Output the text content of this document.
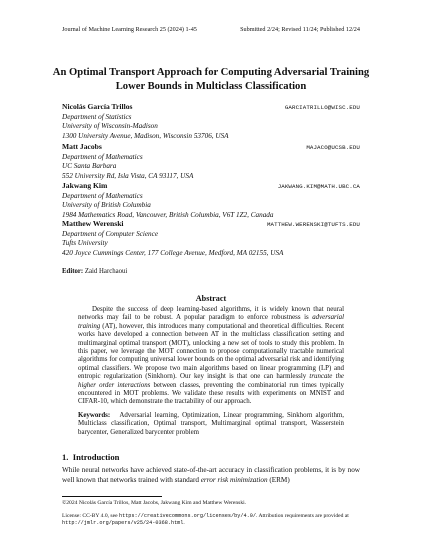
Journal of Machine Learning Research 25 (2024) 1-45	Submitted 2/24; Revised 11/24; Published 12/24
An Optimal Transport Approach for Computing Adversarial Training Lower Bounds in Multiclass Classification
Nicolás García Trillos	GARCIATRILLO@WISC.EDU
Department of Statistics
University of Wisconsin-Madison
1300 University Avenue, Madison, Wisconsin 53706, USA
Matt Jacobs	MAJACO@UCSB.EDU
Department of Mathematics
UC Santa Barbara
552 University Rd, Isla Vista, CA 93117, USA
Jakwang Kim	JAKWANG.KIM@MATH.UBC.CA
Department of Mathematics
University of British Columbia
1984 Mathematics Road, Vancouver, British Columbia, V6T 1Z2, Canada
Matthew Werenski	MATTHEW.WERENSKI@TUFTS.EDU
Department of Computer Science
Tufts University
420 Joyce Cummings Center, 177 College Avenue, Medford, MA 02155, USA
Editor: Zaid Harchaoui
Abstract
Despite the success of deep learning-based algorithms, it is widely known that neural networks may fail to be robust. A popular paradigm to enforce robustness is adversarial training (AT), however, this introduces many computational and theoretical difficulties. Recent works have developed a connection between AT in the multiclass classification setting and multimarginal optimal transport (MOT), unlocking a new set of tools to study this problem. In this paper, we leverage the MOT connection to propose computationally tractable numerical algorithms for computing universal lower bounds on the optimal adversarial risk and identifying optimal classifiers. We propose two main algorithms based on linear programming (LP) and entropic regularization (Sinkhorn). Our key insight is that one can harmlessly truncate the higher order interactions between classes, preventing the combinatorial run times typically encountered in MOT problems. We validate these results with experiments on MNIST and CIFAR-10, which demonstrate the tractability of our approach.
Keywords: Adversarial learning, Optimization, Linear programming, Sinkhorn algorithm, Multiclass classification, Optimal transport, Multimarginal optimal transport, Wasserstein barycenter, Generalized barycenter problem
1. Introduction
While neural networks have achieved state-of-the-art accuracy in classification problems, it is by now well known that networks trained with standard error risk minimization (ERM)
©2024 Nicolás García Trillos, Matt Jacobs, Jakwang Kim and Matthew Werenski.
License: CC-BY 4.0, see https://creativecommons.org/licenses/by/4.0/. Attribution requirements are provided at http://jmlr.org/papers/v25/24-0368.html.
